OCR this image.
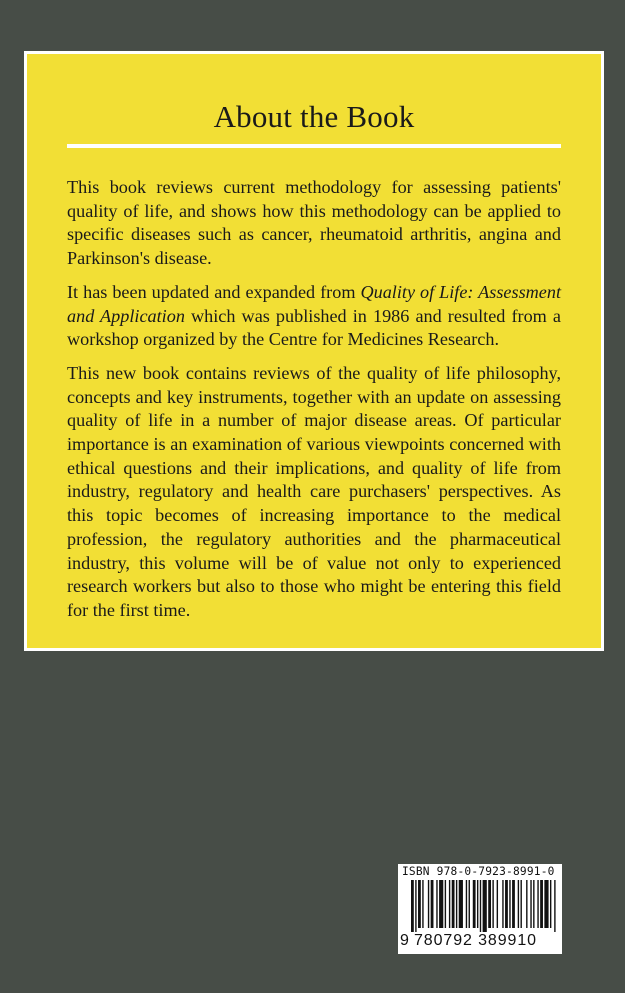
About the Book

This book reviews current methodology for assessing patients' quality of life, and shows how this methodology can be applied to specific diseases such as cancer, rheumatoid arthritis, angina and Parkinson's disease.

It has been updated and expanded from Quality of Life: Assessment and Application which was published in 1986 and resulted from a workshop organized by the Centre for Medicines Research.

This new book contains reviews of the quality of life philosophy, concepts and key instruments, together with an update on assessing quality of life in a number of major disease areas. Of particular importance is an examination of various viewpoints concerned with ethical questions and their implications, and quality of life from industry, regulatory and health care purchasers' perspectives. As this topic becomes of increasing importance to the medical profession, the regulatory authorities and the pharmaceutical industry, this volume will be of value not only to experienced research workers but also to those who might be entering this field for the first time.

ISBN 978-0-7923-8991-0
9 780792 389910
